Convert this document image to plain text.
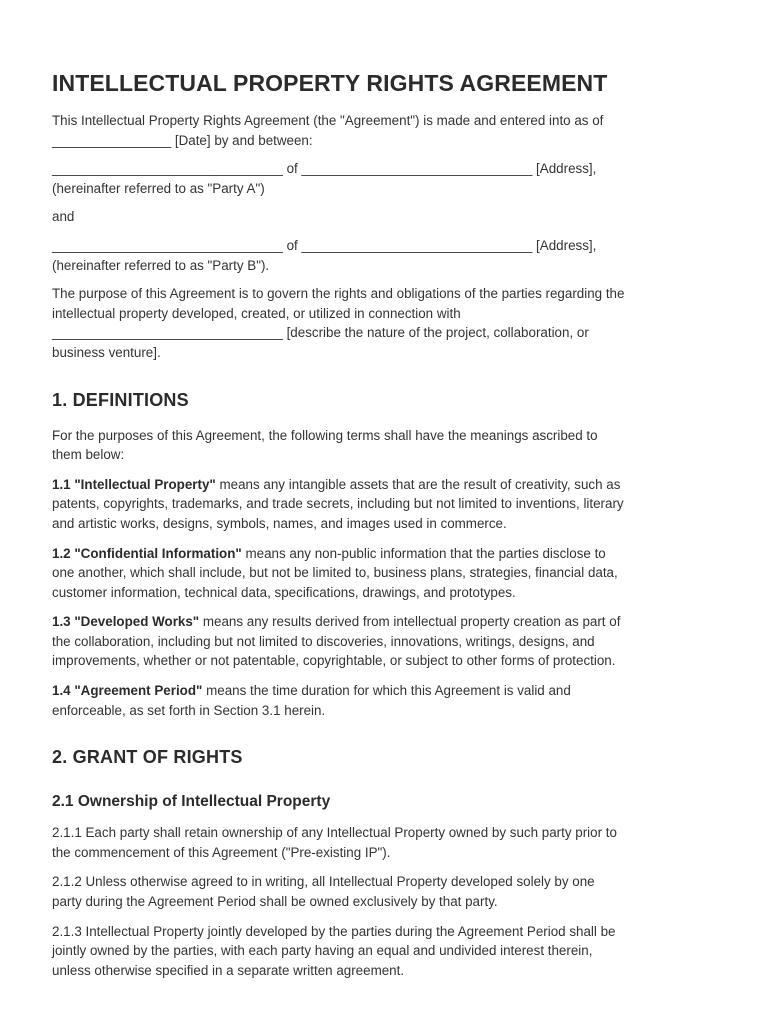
INTELLECTUAL PROPERTY RIGHTS AGREEMENT

This Intellectual Property Rights Agreement (the "Agreement") is made and entered into as of
________________ [Date] by and between:

_______________________________ of _______________________________ [Address],
(hereinafter referred to as "Party A")

and

_______________________________ of _______________________________ [Address],
(hereinafter referred to as "Party B").

The purpose of this Agreement is to govern the rights and obligations of the parties regarding the
intellectual property developed, created, or utilized in connection with
_______________________________ [describe the nature of the project, collaboration, or
business venture].

1. DEFINITIONS

For the purposes of this Agreement, the following terms shall have the meanings ascribed to
them below:

1.1 "Intellectual Property" means any intangible assets that are the result of creativity, such as
patents, copyrights, trademarks, and trade secrets, including but not limited to inventions, literary
and artistic works, designs, symbols, names, and images used in commerce.

1.2 "Confidential Information" means any non-public information that the parties disclose to
one another, which shall include, but not be limited to, business plans, strategies, financial data,
customer information, technical data, specifications, drawings, and prototypes.

1.3 "Developed Works" means any results derived from intellectual property creation as part of
the collaboration, including but not limited to discoveries, innovations, writings, designs, and
improvements, whether or not patentable, copyrightable, or subject to other forms of protection.

1.4 "Agreement Period" means the time duration for which this Agreement is valid and
enforceable, as set forth in Section 3.1 herein.

2. GRANT OF RIGHTS
2.1 Ownership of Intellectual Property

2.1.1 Each party shall retain ownership of any Intellectual Property owned by such party prior to
the commencement of this Agreement ("Pre-existing IP").

2.1.2 Unless otherwise agreed to in writing, all Intellectual Property developed solely by one
party during the Agreement Period shall be owned exclusively by that party.

2.1.3 Intellectual Property jointly developed by the parties during the Agreement Period shall be
jointly owned by the parties, with each party having an equal and undivided interest therein,
unless otherwise specified in a separate written agreement.
